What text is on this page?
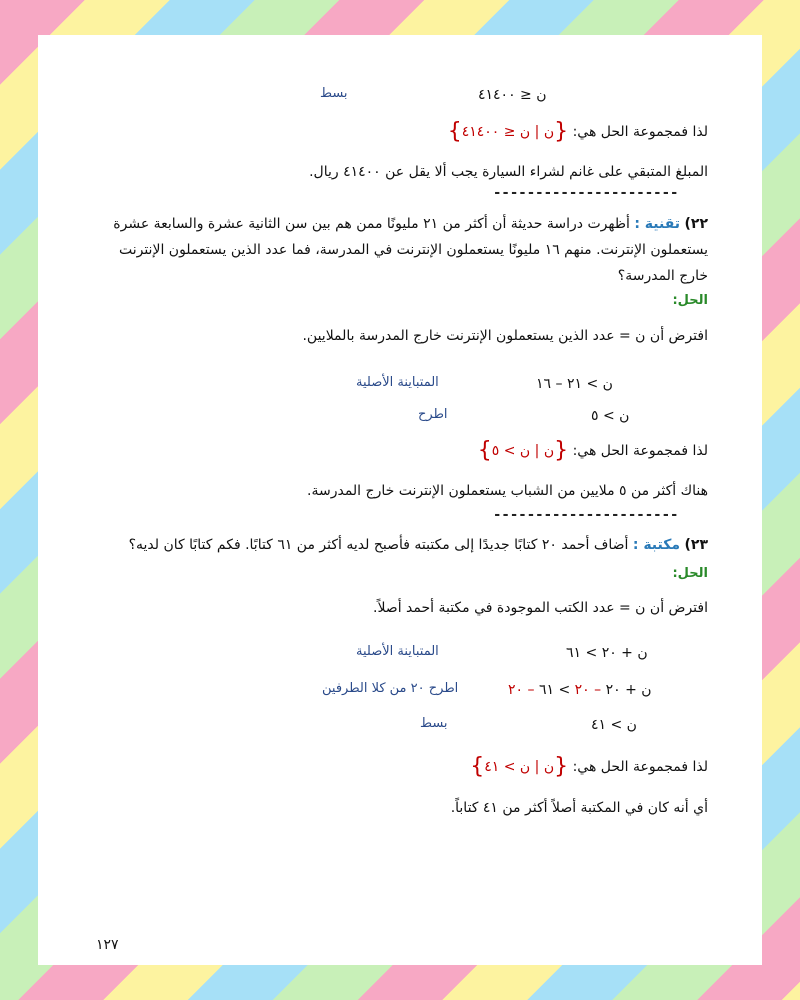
ن ≤ ٤١٤٠٠
بسط
لذا فمجموعة الحل هي: {ن | ن ≤ ٤١٤٠٠}
المبلغ المتبقي على غانم لشراء السيارة يجب ألا يقل عن ٤١٤٠٠ ريال.
----------------------
٢٢) تقنية : أظهرت دراسة حديثة أن أكثر من ٢١ مليونًا ممن هم بين سن الثانية عشرة والسابعة عشرة يستعملون الإنترنت. منهم ١٦ مليونًا يستعملون الإنترنت في المدرسة، فما عدد الذين يستعملون الإنترنت خارج المدرسة؟
الحل:
افترض أن ن = عدد الذين يستعملون الإنترنت خارج المدرسة بالملايين.
ن > ٢١ – ١٦
المتباينة الأصلية
ن > ٥
اطرح
لذا فمجموعة الحل هي: {ن | ن > ٥}
هناك أكثر من ٥ ملايين من الشباب يستعملون الإنترنت خارج المدرسة.
----------------------
٢٣) مكتبة : أضاف أحمد ٢٠ كتابًا جديدًا إلى مكتبته فأصبح لديه أكثر من ٦١ كتابًا. فكم كتابًا كان لديه؟
الحل:
افترض أن ن = عدد الكتب الموجودة في مكتبة أحمد أصلاً.
ن + ٢٠ > ٦١
المتباينة الأصلية
ن + ٢٠ – ٢٠ > ٦١ – ٢٠
اطرح ٢٠ من كلا الطرفين
ن > ٤١
بسط
لذا فمجموعة الحل هي: {ن | ن > ٤١}
أي أنه كان في المكتبة أصلاً أكثر من ٤١ كتاباً.
١٢٧
